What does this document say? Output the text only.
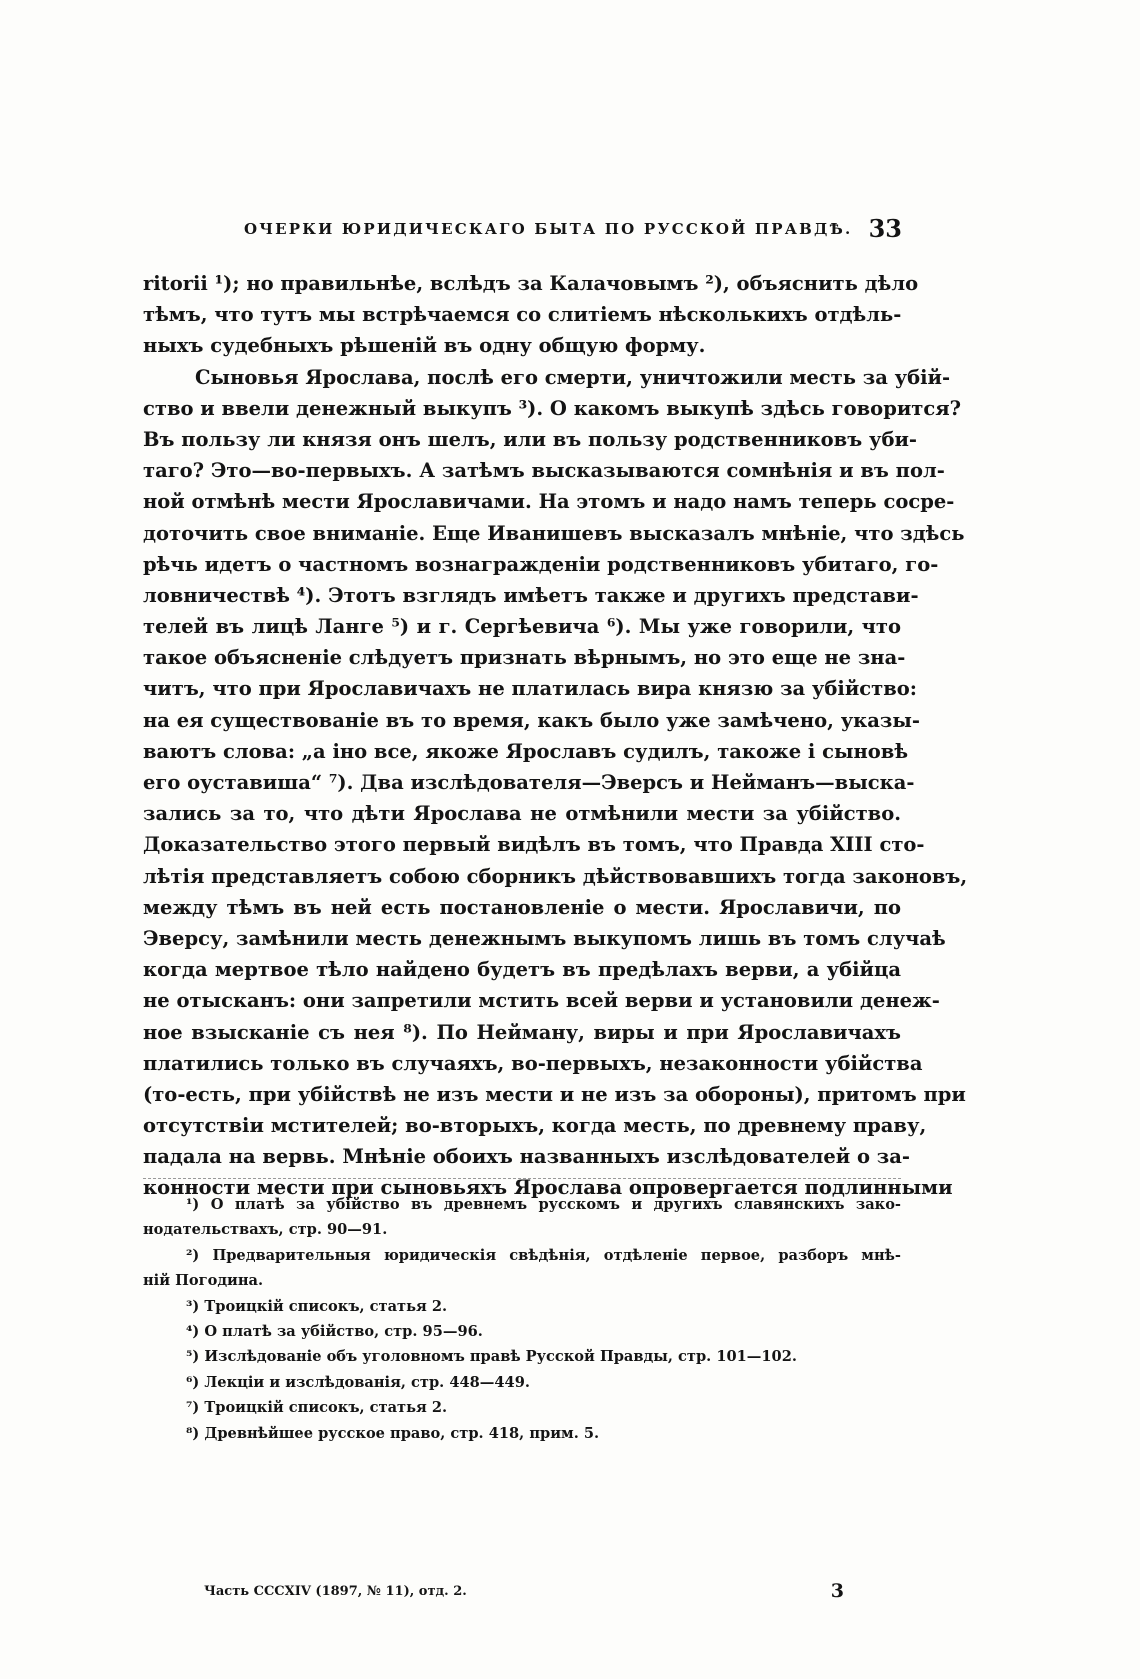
ОЧЕРКИ ЮРИДИЧЕСКАГО БЫТА ПО РУССКОЙ ПРАВДѢ. 33
ritorii ¹); но правильнѣе, вслѣдъ за Калачовымъ ²), объяснить дѣло
тѣмъ, что тутъ мы встрѣчаемся со слитіемъ нѣсколькихъ отдѣль-
ныхъ судебныхъ рѣшеній въ одну общую форму.
Сыновья Ярослава, послѣ его смерти, уничтожили месть за убій-
ство и ввели денежный выкупъ ³). О какомъ выкупѣ здѣсь говорится?
Въ пользу ли князя онъ шелъ, или въ пользу родственниковъ уби-
таго? Это—во-первыхъ. А затѣмъ высказываются сомнѣнія и въ пол-
ной отмѣнѣ мести Ярославичами. На этомъ и надо намъ теперь сосре-
доточить свое вниманіе. Еще Иванишевъ высказалъ мнѣніе, что здѣсь
рѣчь идетъ о частномъ вознагражденіи родственниковъ убитаго, го-
ловничествѣ ⁴). Этотъ взглядъ имѣетъ также и другихъ представи-
телей въ лицѣ Ланге ⁵) и г. Сергѣевича ⁶). Мы уже говорили, что
такое объясненіе слѣдуетъ признать вѣрнымъ, но это еще не зна-
читъ, что при Ярославичахъ не платилась вира князю за убійство:
на ея существованіе въ то время, какъ было уже замѣчено, указы-
ваютъ слова: „а іно все, якоже Ярославъ судилъ, такоже і сыновѣ
его оуставиша“ ⁷). Два изслѣдователя—Эверсъ и Нейманъ—выска-
зались за то, что дѣти Ярослава не отмѣнили мести за убійство.
Доказательство этого первый видѣлъ въ томъ, что Правда XIII сто-
лѣтія представляетъ собою сборникъ дѣйствовавшихъ тогда законовъ,
между тѣмъ въ ней есть постановленіе о мести. Ярославичи, по
Эверсу, замѣнили месть денежнымъ выкупомъ лишь въ томъ случаѣ
когда мертвое тѣло найдено будетъ въ предѣлахъ верви, а убійца
не отысканъ: они запретили мстить всей верви и установили денеж-
ное взысканіе съ нея ⁸). По Нейману, виры и при Ярославичахъ
платились только въ случаяхъ, во-первыхъ, незаконности убійства
(то-есть, при убійствѣ не изъ мести и не изъ за обороны), притомъ при
отсутствіи мстителей; во-вторыхъ, когда месть, по древнему праву,
падала на вервь. Мнѣніе обоихъ названныхъ изслѣдователей о за-
конности мести при сыновьяхъ Ярослава опровергается подлинными
¹) О платѣ за убійство въ древнемъ русскомъ и другихъ славянскихъ зако-
нодательствахъ, стр. 90—91.
²) Предварительныя юридическія свѣдѣнія, отдѣленіе первое, разборъ мнѣ-
ній Погодина.
³) Троицкій списокъ, статья 2.
⁴) О платѣ за убійство, стр. 95—96.
⁵) Изслѣдованіе объ уголовномъ правѣ Русской Правды, стр. 101—102.
⁶) Лекціи и изслѣдованія, стр. 448—449.
⁷) Троицкій списокъ, статья 2.
⁸) Древнѣйшее русское право, стр. 418, прим. 5.
Часть CCCXIV (1897, № 11), отд. 2.	3
